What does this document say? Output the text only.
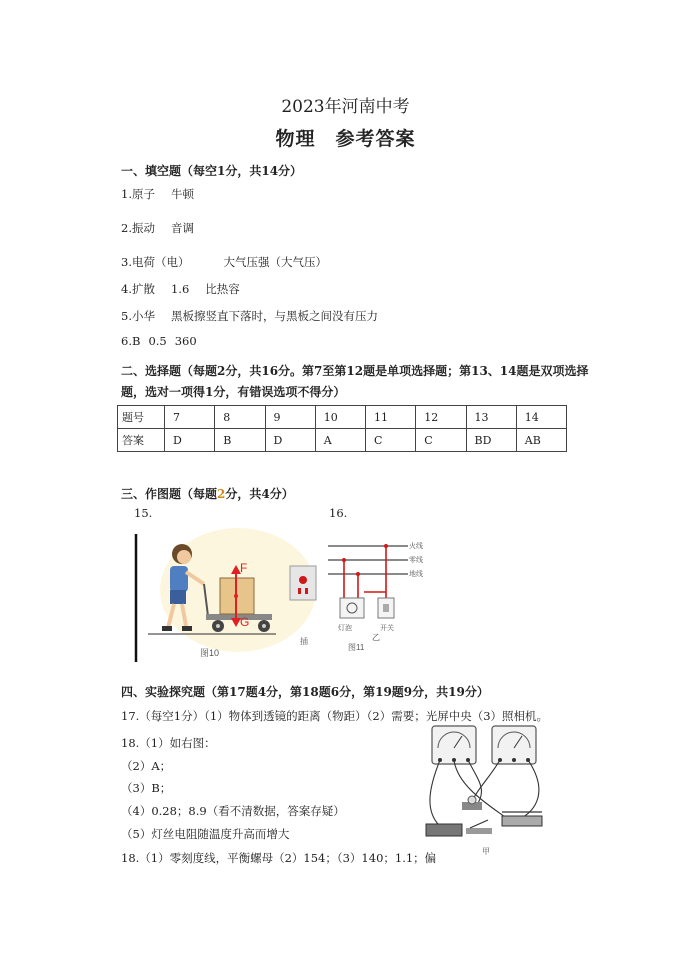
2023年河南中考
物理　参考答案
一、填空题（每空1分，共14分）
1.原子 牛顿
2.振动 音调
3.电荷（电）	大气压强（大气压）
4.扩散 1.6 比热容
5.小华 黑板擦竖直下落时，与黑板之间没有压力
6.B 0.5 360
二、选择题（每题2分，共16分。第7至第12题是单项选择题；第13、14题是双项选择
题，选对一项得1分，有错误选项不得分）
题号	7	8	9	10	11	12	13	14
答案	D	B	D	A	C	C	BD	AB
三、作图题（每题2分，共4分）
15.	16.
F
G
图10
插
火线
零线
地线
灯泡	开关
乙
图11
四、实验探究题（第17题4分，第18题6分，第19题9分，共19分）
17.（每空1分）（1）物体到透镜的距离（物距）（2）需要；光屏中央（3）照相机。
18.（1）如右图：
（2）A；
（3）B；
（4）0.28；8.9（看不清数据，答案存疑）
（5）灯丝电阻随温度升高而增大
18.（1）零刻度线，平衡螺母（2）154；（3）140；1.1；偏	甲
